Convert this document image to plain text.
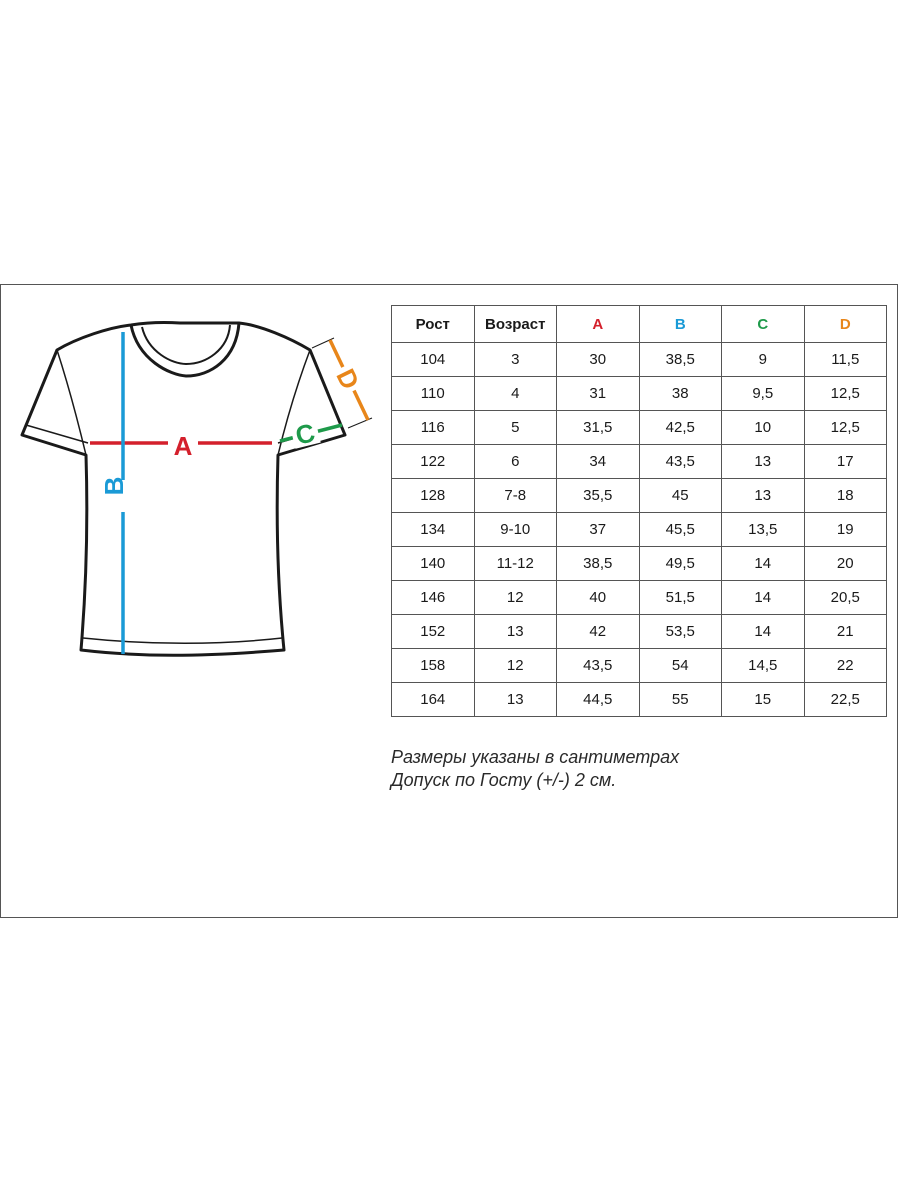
A
B
C
D
Рост	Возраст	A	B	C	D
104	3	30	38,5	9	11,5
110	4	31	38	9,5	12,5
116	5	31,5	42,5	10	12,5
122	6	34	43,5	13	17
128	7-8	35,5	45	13	18
134	9-10	37	45,5	13,5	19
140	11-12	38,5	49,5	14	20
146	12	40	51,5	14	20,5
152	13	42	53,5	14	21
158	12	43,5	54	14,5	22
164	13	44,5	55	15	22,5
Размеры указаны в сантиметрах
Допуск по Госту (+/-) 2 см.
